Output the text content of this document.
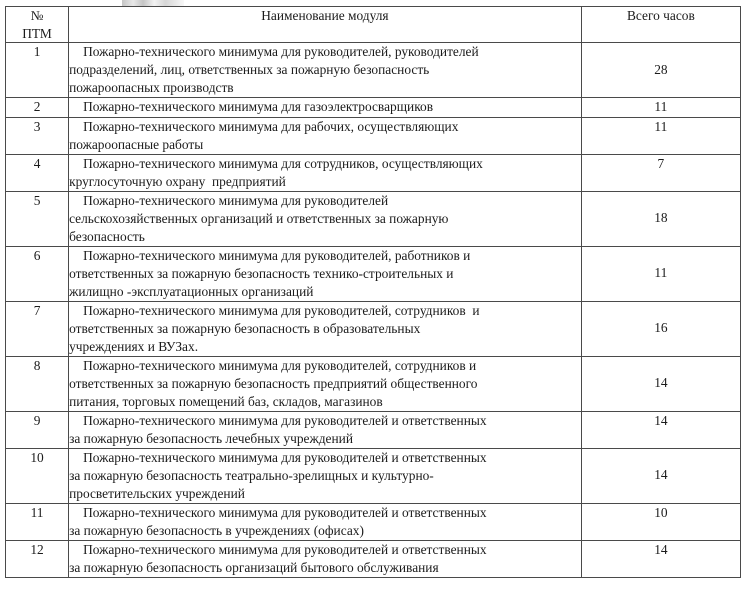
№
ПТМ	Наименование модуля	Всего часов

1	Пожарно-технического минимума для руководителей, руководителей
подразделений, лиц, ответственных за пожарную безопасность
пожароопасных производств	28

2	Пожарно-технического минимума для газоэлектросварщиков	11

3	Пожарно-технического минимума для рабочих, осуществляющих
пожароопасные работы	11

4	Пожарно-технического минимума для сотрудников, осуществляющих
круглосуточную охрану  предприятий	7

5	Пожарно-технического минимума для руководителей
сельскохозяйственных организаций и ответственных за пожарную
безопасность	18

6	Пожарно-технического минимума для руководителей, работников и
ответственных за пожарную безопасность технико-строительных и
жилищно -эксплуатационных организаций	11

7	Пожарно-технического минимума для руководителей, сотрудников  и
ответственных за пожарную безопасность в образовательных
учреждениях и ВУЗах.	16

8	Пожарно-технического минимума для руководителей, сотрудников и
ответственных за пожарную безопасность предприятий общественного
питания, торговых помещений баз, складов, магазинов	14

9	Пожарно-технического минимума для руководителей и ответственных
за пожарную безопасность лечебных учреждений	14

10	Пожарно-технического минимума для руководителей и ответственных
за пожарную безопасность театрально-зрелищных и культурно-
просветительских учреждений	14

11	Пожарно-технического минимума для руководителей и ответственных
за пожарную безопасность в учреждениях (офисах)	10

12	Пожарно-технического минимума для руководителей и ответственных
за пожарную безопасность организаций бытового обслуживания	14
